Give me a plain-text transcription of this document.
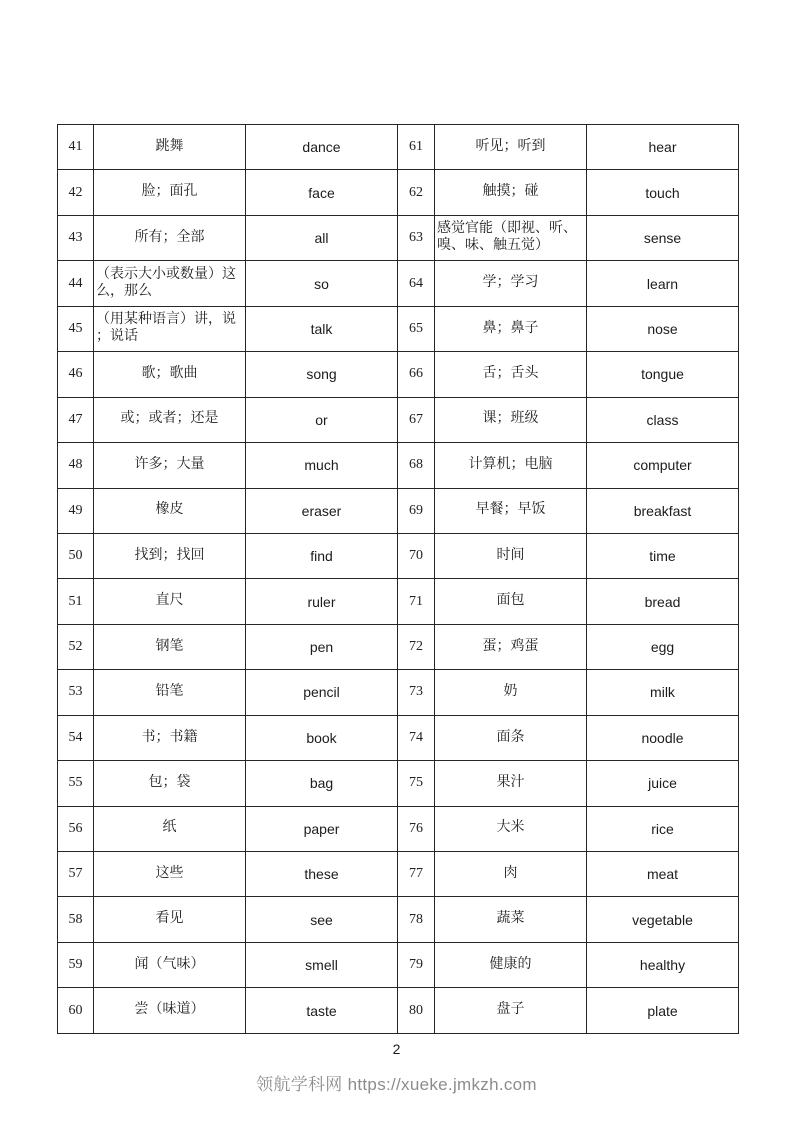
41	跳舞	dance	61	听见；听到	hear
42	脸；面孔	face	62	触摸；碰	touch
43	所有；全部	all	63	感觉官能（即视、听、嗅、味、触五觉）	sense
44	（表示大小或数量）这么，那么	so	64	学；学习	learn
45	（用某种语言）讲，说；说话	talk	65	鼻；鼻子	nose
46	歌；歌曲	song	66	舌；舌头	tongue
47	或；或者；还是	or	67	课；班级	class
48	许多；大量	much	68	计算机；电脑	computer
49	橡皮	eraser	69	早餐；早饭	breakfast
50	找到；找回	find	70	时间	time
51	直尺	ruler	71	面包	bread
52	钢笔	pen	72	蛋；鸡蛋	egg
53	铅笔	pencil	73	奶	milk
54	书；书籍	book	74	面条	noodle
55	包；袋	bag	75	果汁	juice
56	纸	paper	76	大米	rice
57	这些	these	77	肉	meat
58	看见	see	78	蔬菜	vegetable
59	闻（气味）	smell	79	健康的	healthy
60	尝（味道）	taste	80	盘子	plate
2
领航学科网 https://xueke.jmkzh.com
